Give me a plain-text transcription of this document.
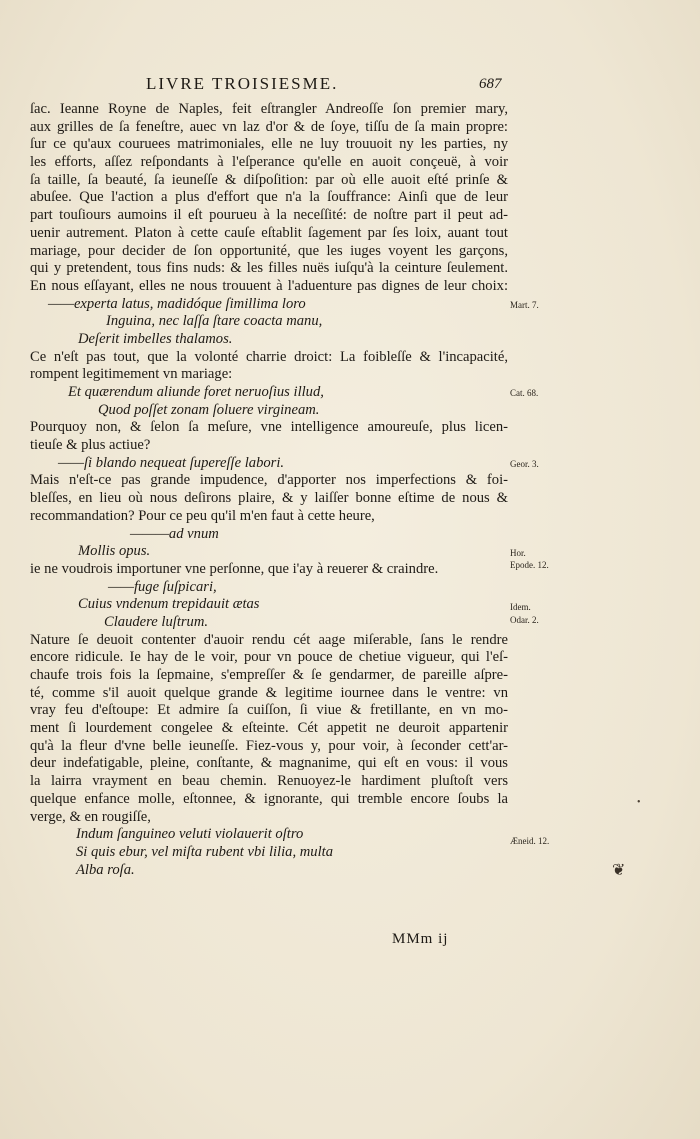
LIVRE TROISIESME.	687
ſac. Ieanne Royne de Naples, feit eſtrangler Andreoſſe ſon premier mary,
aux grilles de ſa feneſtre, auec vn laz d'or & de ſoye, tiſſu de ſa main propre:
ſur ce qu'aux couruees matrimoniales, elle ne luy trouuoit ny les parties, ny
les efforts, aſſez reſpondants à l'eſperance qu'elle en auoit conçeuë, à voir
ſa taille, ſa beauté, ſa ieuneſſe & diſpoſition: par où elle auoit eſté prinſe &
abuſee. Que l'action a plus d'effort que n'a la ſouffrance: Ainſi que de leur
part touſiours aumoins il eſt pourueu à la neceſſité: de noſtre part il peut ad-
uenir autrement. Platon à cette cauſe eſtablit ſagement par ſes loix, auant tout
mariage, pour decider de ſon opportunité, que les iuges voyent les garçons,
qui y pretendent, tous fins nuds: & les filles nuës iuſqu'à la ceinture ſeulement.
En nous eſſayant, elles ne nous trouuent à l'aduenture pas dignes de leur choix:
——experta latus, madidóque ſimillima loro
Inguina, nec laſſa ſtare coacta manu,
Deſerit imbelles thalamos.
Ce n'eſt pas tout, que la volonté charrie droict: La foibleſſe & l'incapacité,
rompent legitimement vn mariage:
Et quærendum aliunde foret neruoſius illud,
Quod poſſet zonam ſoluere virgineam.
Pourquoy non, & ſelon ſa meſure, vne intelligence amoureuſe, plus licen-
tieuſe & plus actiue?
——ſi blando nequeat ſupereſſe labori.
Mais n'eſt-ce pas grande impudence, d'apporter nos imperfections & foi-
bleſſes, en lieu où nous deſirons plaire, & y laiſſer bonne eſtime de nous &
recommandation? Pour ce peu qu'il m'en faut à cette heure,
———ad vnum
Mollis opus.
ie ne voudrois importuner vne perſonne, que i'ay à reuerer & craindre.
——fuge ſuſpicari,
Cuius vndenum trepidauit ætas
Claudere luſtrum.
Nature ſe deuoit contenter d'auoir rendu cét aage miſerable, ſans le rendre
encore ridicule. Ie hay de le voir, pour vn pouce de chetiue vigueur, qui l'eſ-
chaufe trois fois la ſepmaine, s'empreſſer & ſe gendarmer, de pareille aſpre-
té, comme s'il auoit quelque grande & legitime iournee dans le ventre: vn
vray feu d'eſtoupe: Et admire ſa cuiſſon, ſi viue & fretillante, en vn mo-
ment ſi lourdement congelee & eſteinte. Cét appetit ne deuroit appartenir
qu'à la fleur d'vne belle ieuneſſe. Fiez-vous y, pour voir, à ſeconder cett'ar-
deur indefatigable, pleine, conſtante, & magnanime, qui eſt en vous: il vous
la lairra vrayment en beau chemin. Renuoyez-le hardiment pluſtoſt vers
quelque enfance molle, eſtonnee, & ignorante, qui tremble encore ſoubs la
verge, & en rougiſſe,
Indum ſanguineo veluti violauerit oſtro
Si quis ebur, vel miſta rubent vbi lilia, multa
Alba roſa.
Mart. 7.
Cat. 68.
Geor. 3.
Hor.
Epode. 12.
Idem.
Odar. 2.
Æneid. 12.
MMm ij
❦
•
